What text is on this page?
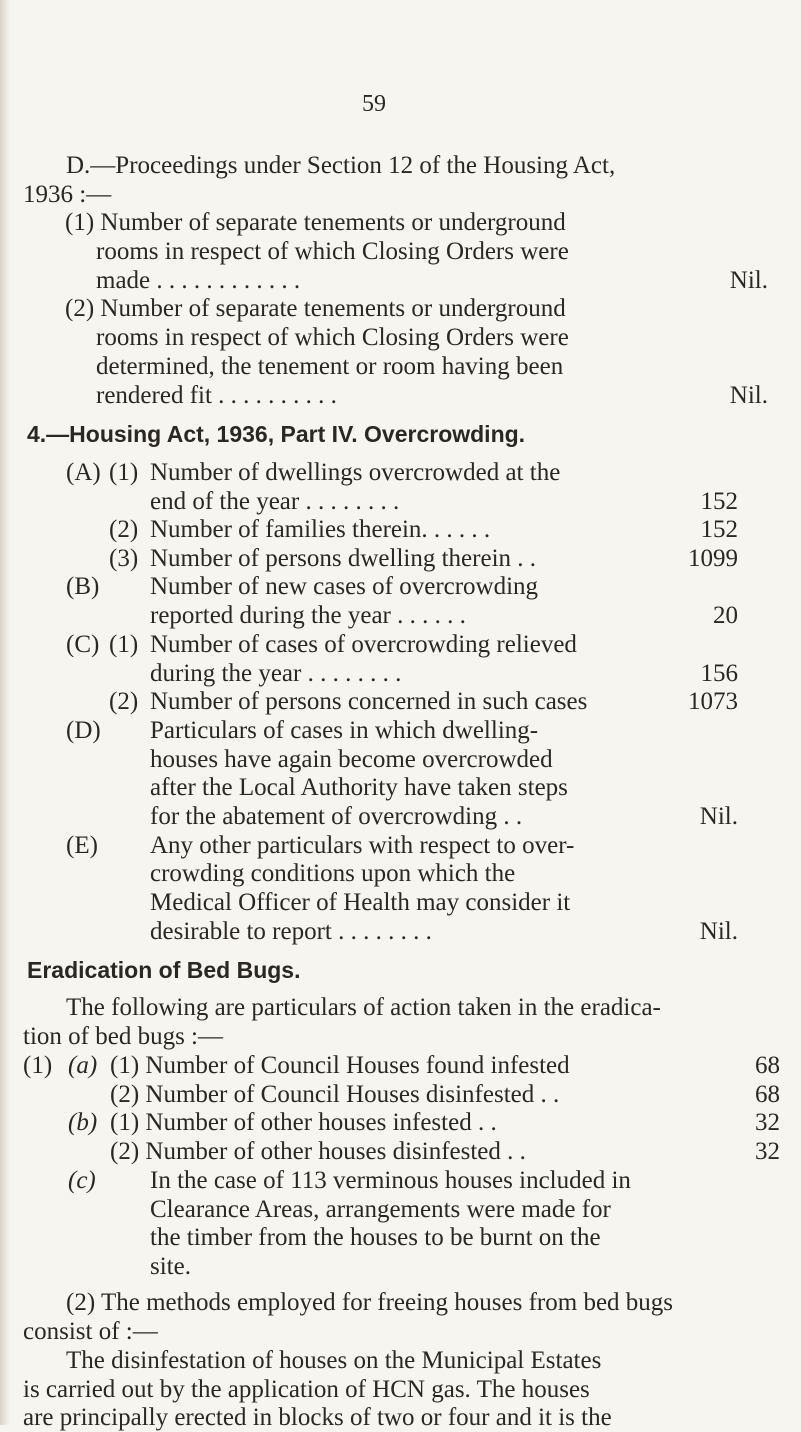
59
D.—Proceedings under Section 12 of the Housing Act,
1936 :—
(1) Number of separate tenements or underground
rooms in respect of which Closing Orders were
made . . . . . . . . . . . .	Nil.
(2) Number of separate tenements or underground
rooms in respect of which Closing Orders were
determined, the tenement or room having been
rendered fit . . . . . . . . . .	Nil.
4.—Housing Act, 1936, Part IV. Overcrowding.
(A) (1) Number of dwellings overcrowded at the
end of the year . . . . . . . .	152
(2) Number of families therein. . . . . .	152
(3) Number of persons dwelling therein . .	1099
(B) Number of new cases of overcrowding
reported during the year . . . . . .	20
(C) (1) Number of cases of overcrowding relieved
during the year . . . . . . . .	156
(2) Number of persons concerned in such cases	1073
(D) Particulars of cases in which dwelling-
houses have again become overcrowded
after the Local Authority have taken steps
for the abatement of overcrowding . .	Nil.
(E) Any other particulars with respect to over-
crowding conditions upon which the
Medical Officer of Health may consider it
desirable to report . . . . . . . .	Nil.
Eradication of Bed Bugs.
The following are particulars of action taken in the eradica-
tion of bed bugs :—
(1) (a) (1) Number of Council Houses found infested	68
(2) Number of Council Houses disinfested . .	68
(b) (1) Number of other houses infested . .	32
(2) Number of other houses disinfested . .	32
(c) In the case of 113 verminous houses included in
Clearance Areas, arrangements were made for
the timber from the houses to be burnt on the
site.
(2) The methods employed for freeing houses from bed bugs
consist of :—
The disinfestation of houses on the Municipal Estates
is carried out by the application of HCN gas. The houses
are principally erected in blocks of two or four and it is the
